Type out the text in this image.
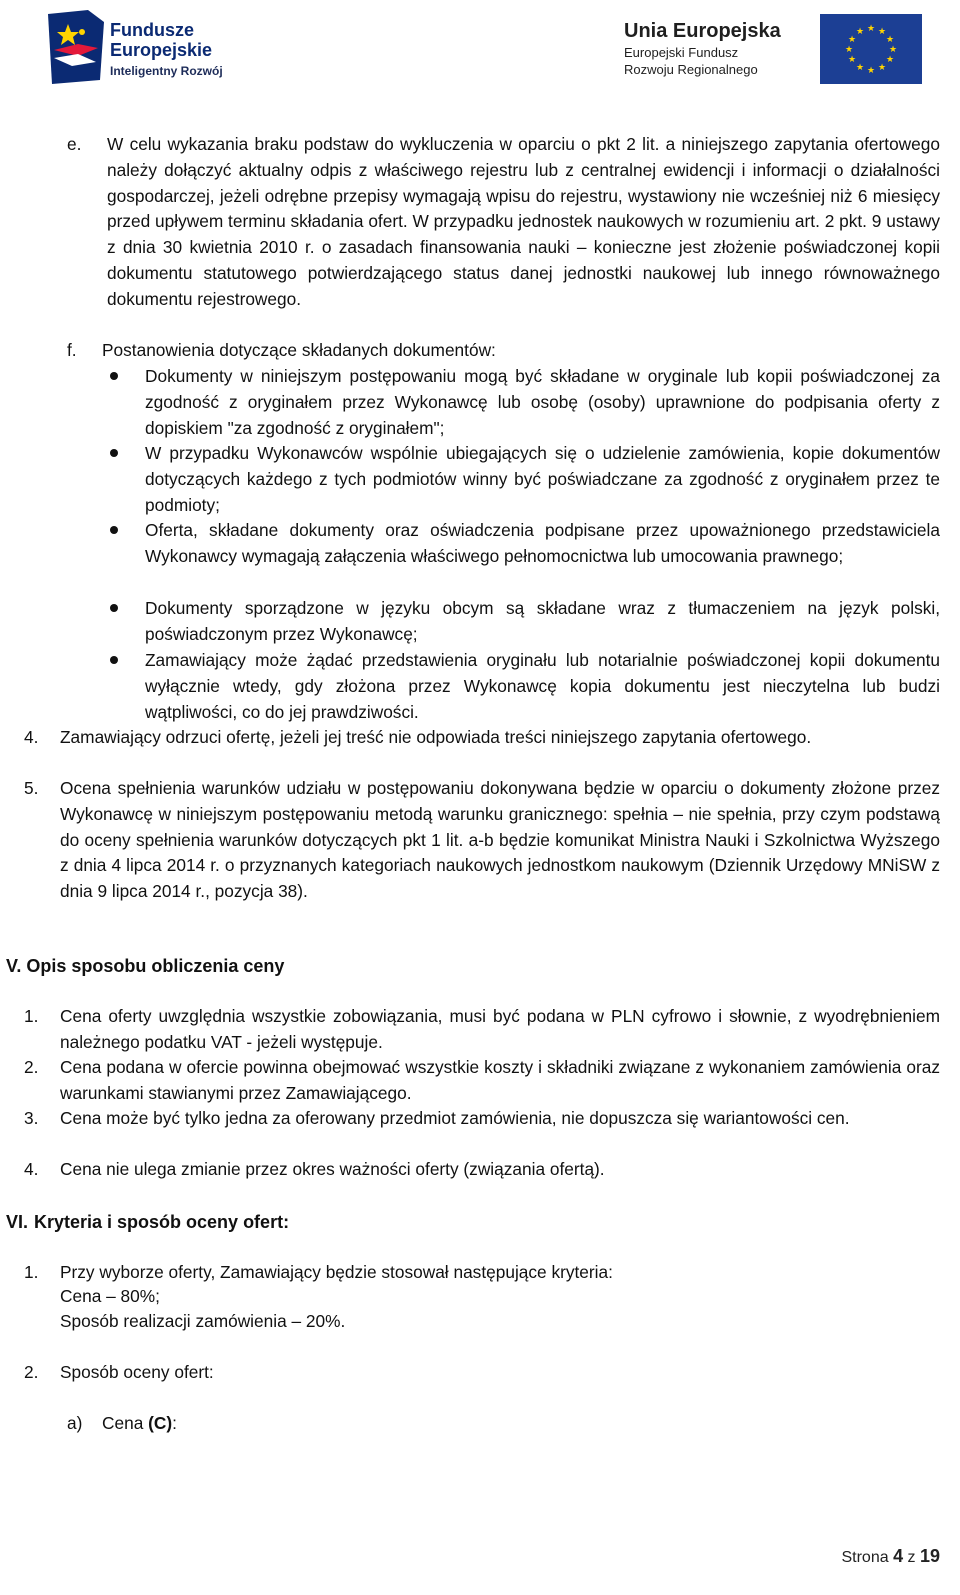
Fundusze
Europejskie
Inteligentny Rozwój
Unia Europejska
Europejski Fundusz
Rozwoju Regionalnego
★ ★
★
★
★
★
★
★
★
★
★
★
e. W celu wykazania braku podstaw do wykluczenia w oparciu o pkt 2 lit. a niniejszego zapytania ofertowego należy dołączyć aktualny odpis z właściwego rejestru lub z centralnej ewidencji i informacji o działalności gospodarczej, jeżeli odrębne przepisy wymagają wpisu do rejestru, wystawiony nie wcześniej niż 6 miesięcy przed upływem terminu składania ofert. W przypadku jednostek naukowych w rozumieniu art. 2 pkt. 9 ustawy z dnia 30 kwietnia 2010 r. o zasadach finansowania nauki – konieczne jest złożenie poświadczonej kopii dokumentu statutowego potwierdzającego status danej jednostki naukowej lub innego równoważnego dokumentu rejestrowego.
f. Postanowienia dotyczące składanych dokumentów:
Dokumenty w niniejszym postępowaniu mogą być składane w oryginale lub kopii poświadczonej za zgodność z oryginałem przez Wykonawcę lub osobę (osoby) uprawnione do podpisania oferty z dopiskiem "za zgodność z oryginałem";
W przypadku Wykonawców wspólnie ubiegających się o udzielenie zamówienia, kopie dokumentów dotyczących każdego z tych podmiotów winny być poświadczane za zgodność z oryginałem przez te podmioty;
Oferta, składane dokumenty oraz oświadczenia podpisane przez upoważnionego przedstawiciela Wykonawcy wymagają załączenia właściwego pełnomocnictwa lub umocowania prawnego;
Dokumenty sporządzone w języku obcym są składane wraz z tłumaczeniem na język polski, poświadczonym przez Wykonawcę;
Zamawiający może żądać przedstawienia oryginału lub notarialnie poświadczonej kopii dokumentu wyłącznie wtedy, gdy złożona przez Wykonawcę kopia dokumentu jest nieczytelna lub budzi wątpliwości, co do jej prawdziwości.
4. Zamawiający odrzuci ofertę, jeżeli jej treść nie odpowiada treści niniejszego zapytania ofertowego.
5. Ocena spełnienia warunków udziału w postępowaniu dokonywana będzie w oparciu o dokumenty złożone przez Wykonawcę w niniejszym postępowaniu metodą warunku granicznego: spełnia – nie spełnia, przy czym podstawą do oceny spełnienia warunków dotyczących pkt 1 lit. a-b będzie komunikat Ministra Nauki i Szkolnictwa Wyższego z dnia 4 lipca 2014 r. o przyznanych kategoriach naukowych jednostkom naukowym (Dziennik Urzędowy MNiSW z dnia 9 lipca 2014 r., pozycja 38).
V. Opis sposobu obliczenia ceny
1. Cena oferty uwzględnia wszystkie zobowiązania, musi być podana w PLN cyfrowo i słownie, z wyodrębnieniem należnego podatku VAT - jeżeli występuje.
2. Cena podana w ofercie powinna obejmować wszystkie koszty i składniki związane z wykonaniem zamówienia oraz warunkami stawianymi przez Zamawiającego.
3. Cena może być tylko jedna za oferowany przedmiot zamówienia, nie dopuszcza się wariantowości cen.
4. Cena nie ulega zmianie przez okres ważności oferty (związania ofertą).
VI. Kryteria i sposób oceny ofert:
1. Przy wyborze oferty, Zamawiający będzie stosował następujące kryteria:
Cena – 80%;
Sposób realizacji zamówienia – 20%.
2. Sposób oceny ofert:
a) Cena (C):
Strona 4 z 19
